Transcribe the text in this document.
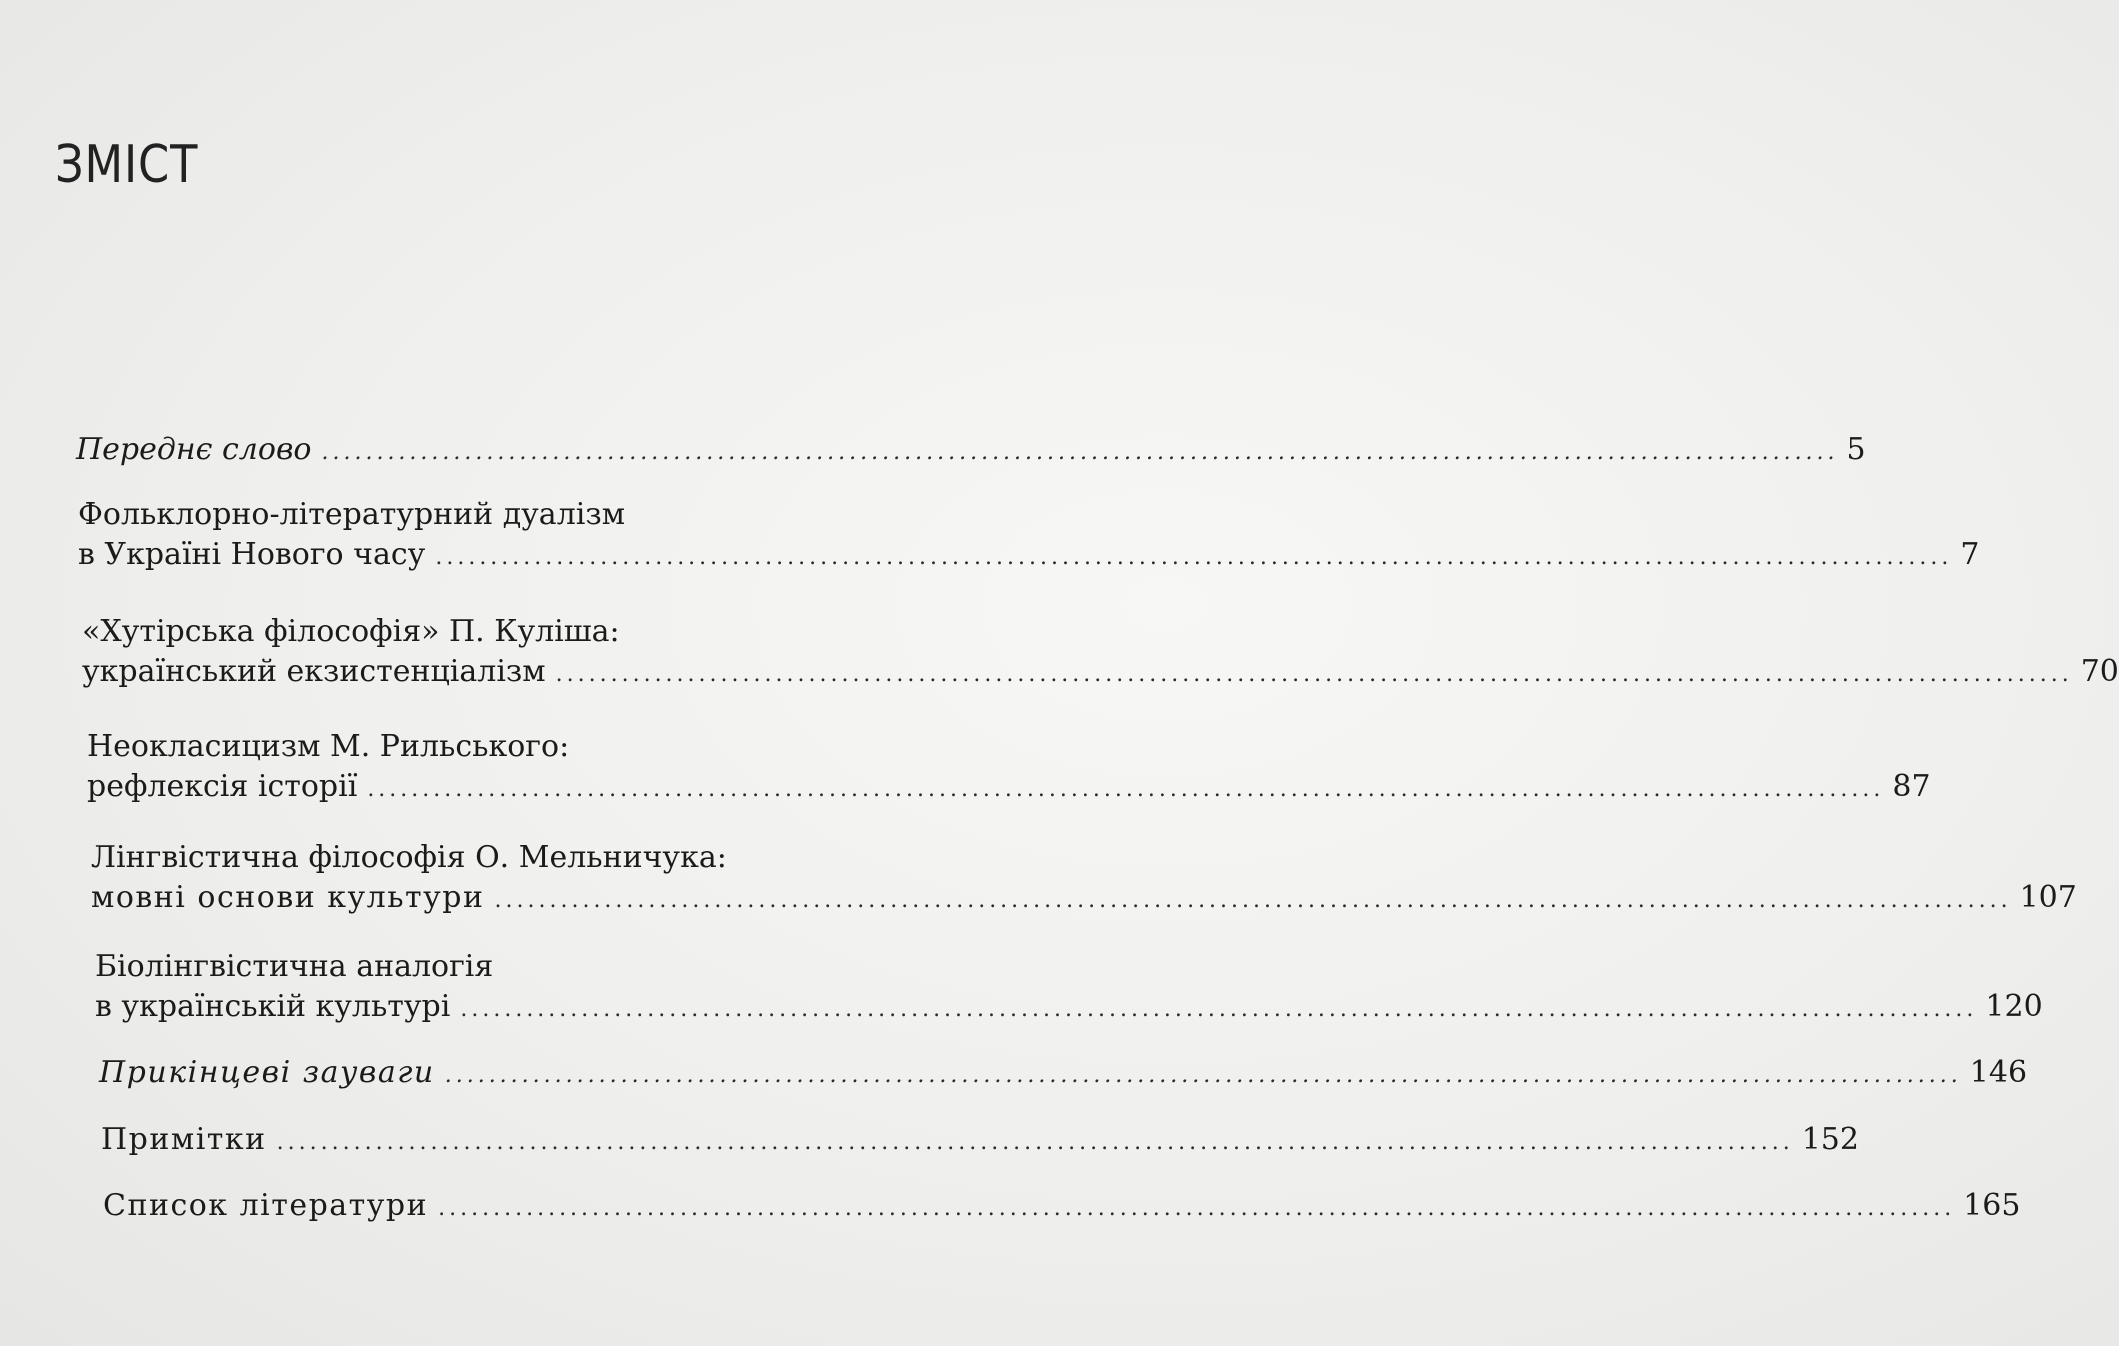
ЗМІСТ
Переднє слово .......................................................................................................................................... 5
Фольклорно-літературний дуалізм
в Україні Нового часу .......................................................................................................................................... 7
«Хутірська філософія» П. Куліша:
український екзистенціалізм .......................................................................................................................................... 70
Неокласицизм М. Рильського:
рефлексія історії .......................................................................................................................................... 87
Лінгвістична філософія О. Мельничука:
мовні основи культури .......................................................................................................................................... 107
Біолінгвістична аналогія
в українській культурі .......................................................................................................................................... 120
Прикінцеві зауваги .......................................................................................................................................... 146
Примітки .......................................................................................................................................... 152
Список літератури .......................................................................................................................................... 165
